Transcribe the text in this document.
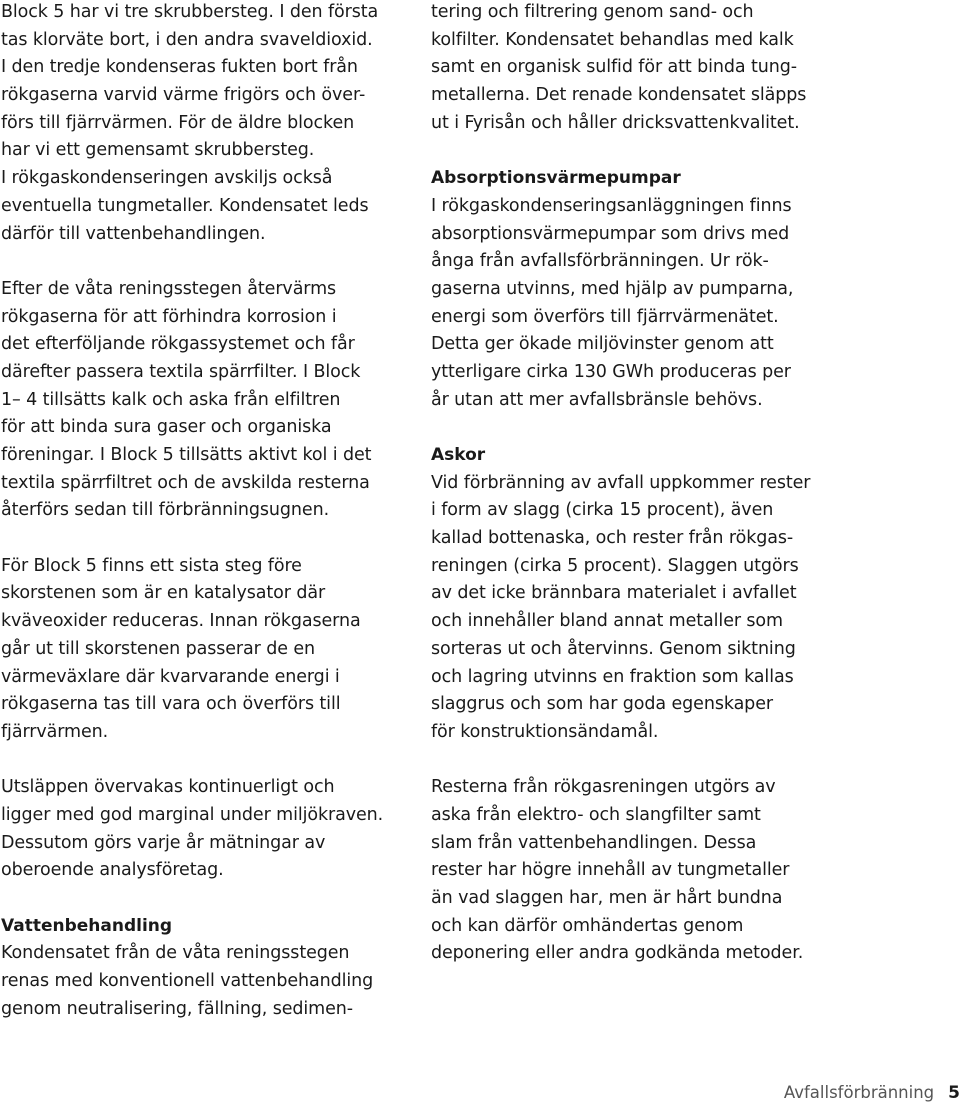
Block 5 har vi tre skrubbersteg. I den första
tas klorväte bort, i den andra svaveldioxid.
I den tredje kondenseras fukten bort från
rökgaserna varvid värme frigörs och över-
förs till fjärrvärmen. För de äldre blocken
har vi ett gemensamt skrubbersteg.
I rökgaskondenseringen avskiljs också
eventuella tungmetaller. Kondensatet leds
därför till vattenbehandlingen.

Efter de våta reningsstegen återvärms
rökgaserna för att förhindra korrosion i
det efterföljande rökgassystemet och får
därefter passera textila spärrfilter. I Block
1– 4 tillsätts kalk och aska från elfiltren
för att binda sura gaser och organiska
föreningar. I Block 5 tillsätts aktivt kol i det
textila spärrfiltret och de avskilda resterna
återförs sedan till förbränningsugnen.

För Block 5 finns ett sista steg före
skorstenen som är en katalysator där
kväveoxider reduceras. Innan rökgaserna
går ut till skorstenen passerar de en
värmeväxlare där kvarvarande energi i
rökgaserna tas till vara och överförs till
fjärrvärmen.

Utsläppen övervakas kontinuerligt och
ligger med god marginal under miljökraven.
Dessutom görs varje år mätningar av
oberoende analysföretag.

Vattenbehandling

Kondensatet från de våta reningsstegen
renas med konventionell vattenbehandling
genom neutralisering, fällning, sedimen-

tering och filtrering genom sand- och
kolfilter. Kondensatet behandlas med kalk
samt en organisk sulfid för att binda tung-
metallerna. Det renade kondensatet släpps
ut i Fyrisån och håller dricksvattenkvalitet.

Absorptionsvärmepumpar

I rökgaskondenseringsanläggningen finns
absorptionsvärmepumpar som drivs med
ånga från avfallsförbränningen. Ur rök-
gaserna utvinns, med hjälp av pumparna,
energi som överförs till fjärrvärmenätet.
Detta ger ökade miljövinster genom att
ytterligare cirka 130 GWh produceras per
år utan att mer avfallsbränsle behövs.

Askor

Vid förbränning av avfall uppkommer rester
i form av slagg (cirka 15 procent), även
kallad bottenaska, och rester från rökgas-
reningen (cirka 5 procent). Slaggen utgörs
av det icke brännbara materialet i avfallet
och innehåller bland annat metaller som
sorteras ut och återvinns. Genom siktning
och lagring utvinns en fraktion som kallas
slaggrus och som har goda egenskaper
för konstruktionsändamål.

Resterna från rökgasreningen utgörs av
aska från elektro- och slangfilter samt
slam från vattenbehandlingen. Dessa
rester har högre innehåll av tungmetaller
än vad slaggen har, men är hårt bundna
och kan därför omhändertas genom
deponering eller andra godkända metoder.

Avfallsförbränning 5
